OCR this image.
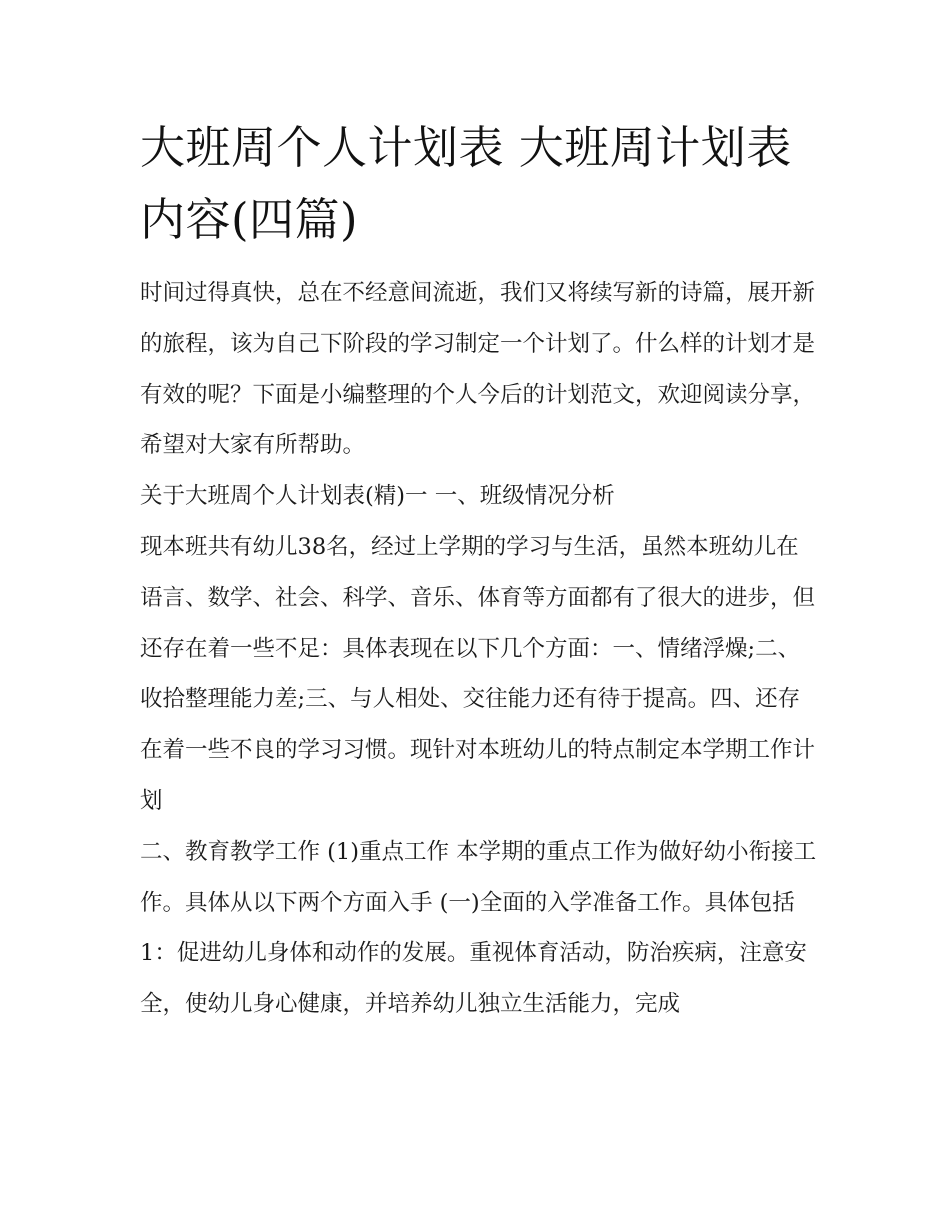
大班周个人计划表 大班周计划表内容(四篇)

时间过得真快，总在不经意间流逝，我们又将续写新的诗篇，展开新的旅程，该为自己下阶段的学习制定一个计划了。什么样的计划才是有效的呢？下面是小编整理的个人今后的计划范文，欢迎阅读分享，希望对大家有所帮助。

关于大班周个人计划表(精)一 一、班级情况分析

现本班共有幼儿38名，经过上学期的学习与生活，虽然本班幼儿在语言、数学、社会、科学、音乐、体育等方面都有了很大的进步，但还存在着一些不足：具体表现在以下几个方面：一、情绪浮燥;二、收拾整理能力差;三、与人相处、交往能力还有待于提高。四、还存在着一些不良的学习习惯。现针对本班幼儿的特点制定本学期工作计划

二、教育教学工作 (1)重点工作 本学期的重点工作为做好幼小衔接工作。具体从以下两个方面入手 (一)全面的入学准备工作。具体包括

1：促进幼儿身体和动作的发展。重视体育活动，防治疾病，注意安全，使幼儿身心健康，并培养幼儿独立生活能力，完成
